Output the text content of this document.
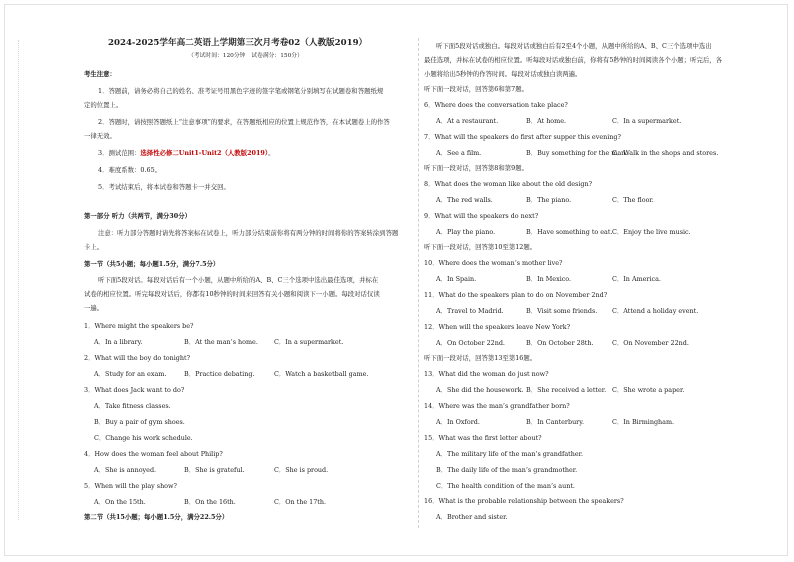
2024-2025学年高二英语上学期第三次月考卷02（人教版2019）
（考试时间：120分钟　试卷满分：150分）
考生注意：
1．答题前，请务必将自己的姓名、准考证号用黑色字迹的签字笔或钢笔分别填写在试题卷和答题纸规
定的位置上。
2．答题时，请按照答题纸上“注意事项”的要求，在答题纸相应的位置上规范作答，在本试题卷上的作答
一律无效。
3．测试范围：选择性必修二Unit1-Unit2（人教版2019）。
4．难度系数：0.65。
5．考试结束后，将本试卷和答题卡一并交回。
第一部分 听力（共两节，满分30分）
注意：听力部分答题时请先将答案标在试卷上，听力部分结束前你将有两分钟的时间将你的答案转涂到答题
卡上。
第一节（共5小题；每小题1.5分，满分7.5分）
听下面5段对话。每段对话后有一个小题，从题中所给的A、B、C三个选项中选出最佳选项，并标在
试卷的相应位置。听完每段对话后，你都有10秒钟的时间来回答有关小题和阅读下一小题。每段对话仅读
一遍。
1．Where might the speakers be?
A．In a library.	B．At the man’s home.	C．In a supermarket.
2．What will the boy do tonight?
A．Study for an exam.	B．Practice debating.	C．Watch a basketball game.
3．What does Jack want to do?
A．Take fitness classes.
B．Buy a pair of gym shoes.
C．Change his work schedule.
4．How does the woman feel about Philip?
A．She is annoyed.	B．She is grateful.	C．She is proud.
5．When will the play show?
A．On the 15th.	B．On the 16th.	C．On the 17th.
第二节（共15小题；每小题1.5分，满分22.5分）
听下面5段对话或独白。每段对话或独白后有2至4个小题，从题中所给的A、B、C三个选项中选出
最佳选项，并标在试卷的相应位置。听每段对话或独白前，你将有5秒钟的时间阅读各个小题；听完后，各
小题将给出5秒钟的作答时间。每段对话或独白读两遍。
听下面一段对话，回答第6和第7题。
6．Where does the conversation take place?
A．At a restaurant.	B．At home.	C．In a supermarket.
7．What will the speakers do first after supper this evening?
A．See a film.	B．Buy something for the man.
C．Walk in the shops and stores.
听下面一段对话，回答第8和第9题。
8．What does the woman like about the old design?
A．The red walls.	B．The piano.	C．The floor.
9．What will the speakers do next?
A．Play the piano.	B．Have something to eat. C．Enjoy the live music.
听下面一段对话，回答第10至第12题。
10．Where does the woman’s mother live?
A．In Spain.	B．In Mexico.	C．In America.
11．What do the speakers plan to do on November 2nd?
A．Travel to Madrid.	B．Visit some friends. C．Attend a holiday event.
12．When will the speakers leave New York?
A．On October 22nd.	B．On October 28th.	C．On November 22nd.
听下面一段对话，回答第13至第16题。
13．What did the woman do just now?
A．She did the housework. B．She received a letter. C．She wrote a paper.
14．Where was the man’s grandfather born?
A．In Oxford.	B．In Canterbury.	C．In Birmingham.
15．What was the first letter about?
A．The military life of the man’s grandfather.
B．The daily life of the man’s grandmother.
C．The health condition of the man’s aunt.
16．What is the probable relationship between the speakers?
A．Brother and sister.
